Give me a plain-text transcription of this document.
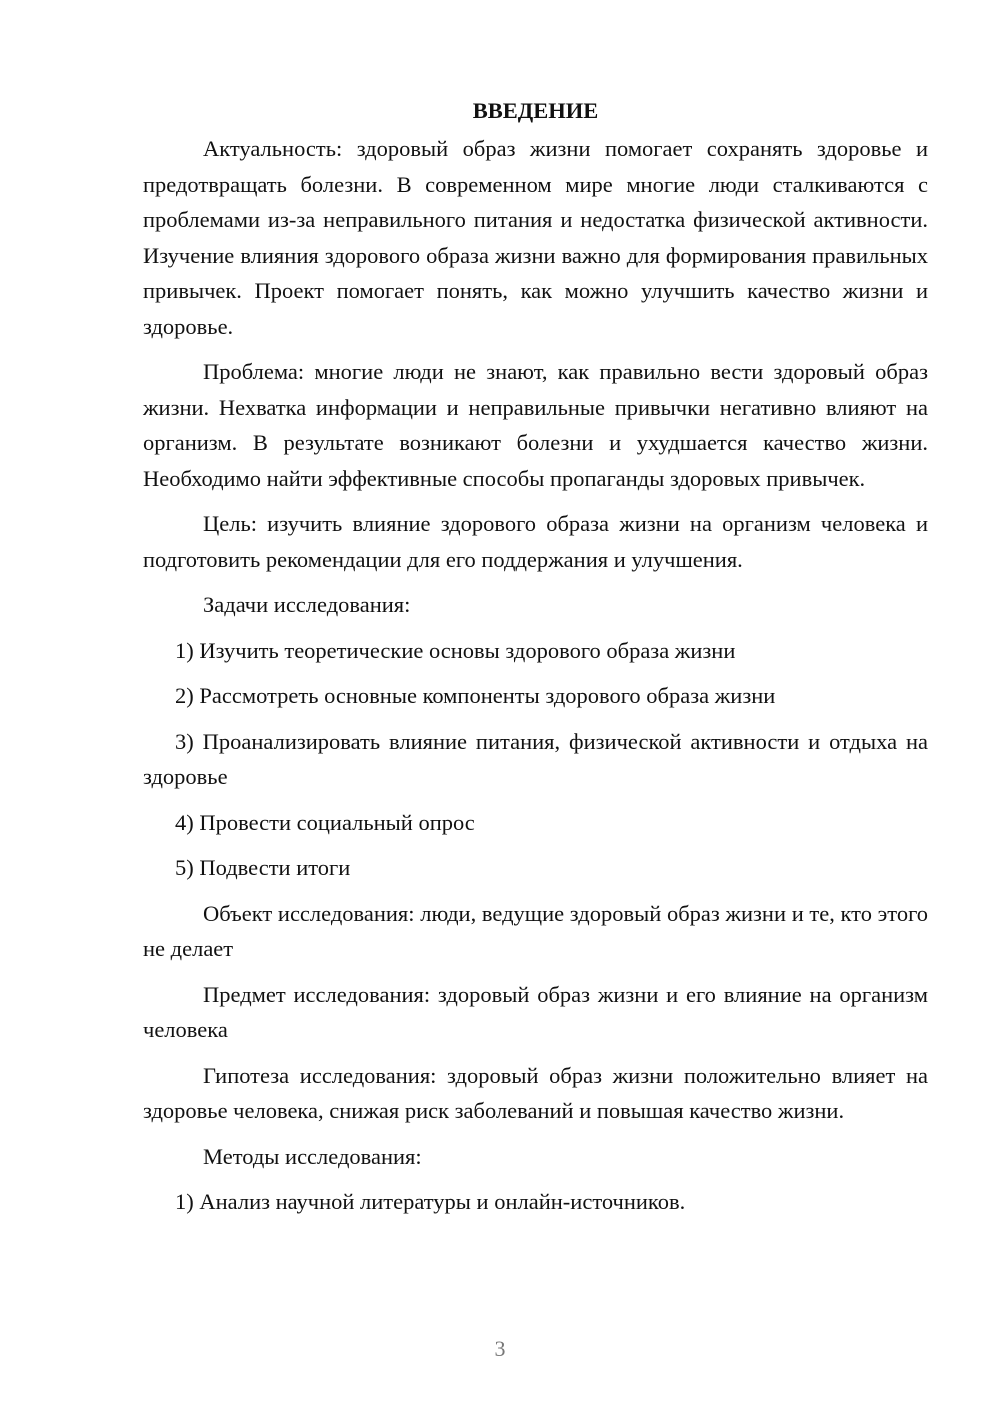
ВВЕДЕНИЕ

Актуальность: здоровый образ жизни помогает сохранять здоровье и предотвращать болезни. В современном мире многие люди сталкиваются с проблемами из-за неправильного питания и недостатка физической активности. Изучение влияния здорового образа жизни важно для формирования правильных привычек. Проект помогает понять, как можно улучшить качество жизни и здоровье.

Проблема: многие люди не знают, как правильно вести здоровый образ жизни. Нехватка информации и неправильные привычки негативно влияют на организм. В результате возникают болезни и ухудшается качество жизни. Необходимо найти эффективные способы пропаганды здоровых привычек.

Цель: изучить влияние здорового образа жизни на организм человека и подготовить рекомендации для его поддержания и улучшения.

Задачи исследования:

1) Изучить теоретические основы здорового образа жизни

2) Рассмотреть основные компоненты здорового образа жизни

3) Проанализировать влияние питания, физической активности и отдыха на здоровье

4) Провести социальный опрос

5) Подвести итоги

Объект исследования: люди, ведущие здоровый образ жизни и те, кто этого не делает

Предмет исследования: здоровый образ жизни и его влияние на организм человека

Гипотеза исследования: здоровый образ жизни положительно влияет на здоровье человека, снижая риск заболеваний и повышая качество жизни.

Методы исследования:

1) Анализ научной литературы и онлайн-источников.

3
